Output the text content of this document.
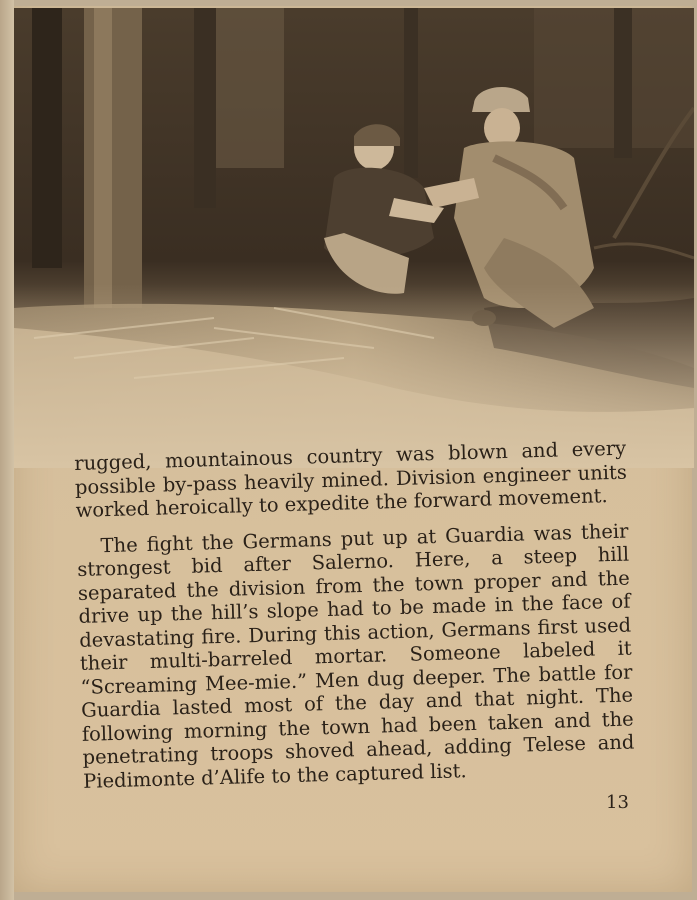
rugged, mountainous country was blown and every possible by-pass heavily mined. Division engineer units worked heroically to expedite the forward movement.

The fight the Germans put up at Guardia was their strongest bid after Salerno. Here, a steep hill separated the division from the town proper and the drive up the hill’s slope had to be made in the face of devastating fire. During this action, Germans first used their multi-barreled mortar. Someone labeled it “Screaming Mee-mie.” Men dug deeper. The battle for Guardia lasted most of the day and that night. The following morning the town had been taken and the penetrating troops shoved ahead, adding Telese and Piedimonte d’Alife to the captured list.

13
